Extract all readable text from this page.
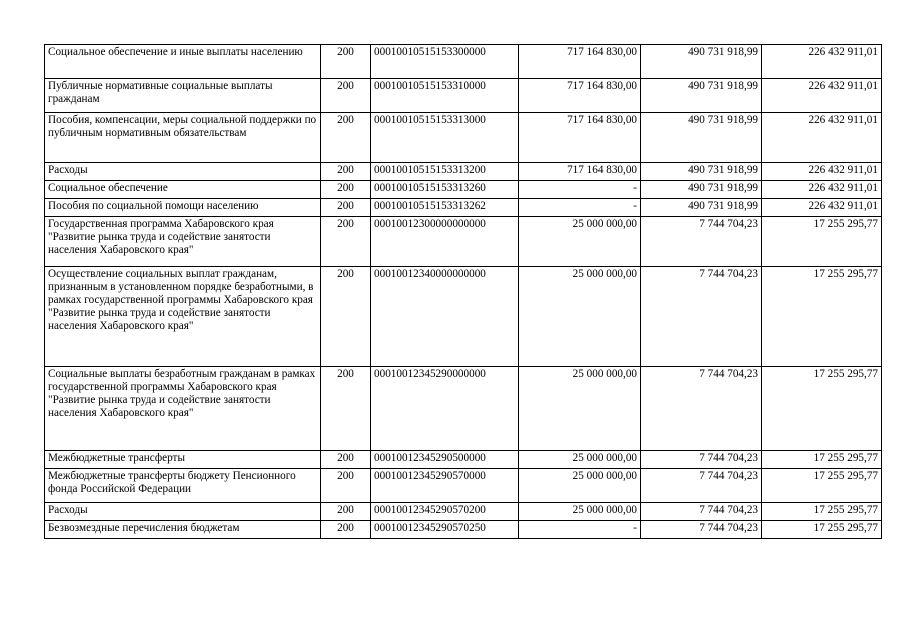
Социальное обеспечение и иные выплаты населению	200	00010010515153300000	717 164 830,00	490 731 918,99	226 432 911,01
Публичные нормативные социальные выплаты гражданам	200	00010010515153310000	717 164 830,00	490 731 918,99	226 432 911,01
Пособия, компенсации, меры социальной поддержки по публичным нормативным обязательствам	200	00010010515153313000	717 164 830,00	490 731 918,99	226 432 911,01
Расходы	200	00010010515153313200	717 164 830,00	490 731 918,99	226 432 911,01
Социальное обеспечение	200	00010010515153313260	-	490 731 918,99	226 432 911,01
Пособия по социальной помощи населению	200	00010010515153313262	-	490 731 918,99	226 432 911,01
Государственная программа Хабаровского края "Развитие рынка труда и содействие занятости населения Хабаровского края"	200	00010012300000000000	25 000 000,00	7 744 704,23	17 255 295,77
Осуществление социальных выплат гражданам, признанным в установленном порядке безработными, в рамках государственной программы Хабаровского края "Развитие рынка труда и содействие занятости населения Хабаровского края"	200	00010012340000000000	25 000 000,00	7 744 704,23	17 255 295,77
Социальные выплаты безработным гражданам в рамках государственной программы Хабаровского края "Развитие рынка труда и содействие занятости населения Хабаровского края"	200	00010012345290000000	25 000 000,00	7 744 704,23	17 255 295,77
Межбюджетные трансферты	200	00010012345290500000	25 000 000,00	7 744 704,23	17 255 295,77
Межбюджетные трансферты бюджету Пенсионного фонда Российской Федерации	200	00010012345290570000	25 000 000,00	7 744 704,23	17 255 295,77
Расходы	200	00010012345290570200	25 000 000,00	7 744 704,23	17 255 295,77
Безвозмездные перечисления бюджетам	200	00010012345290570250	-	7 744 704,23	17 255 295,77
